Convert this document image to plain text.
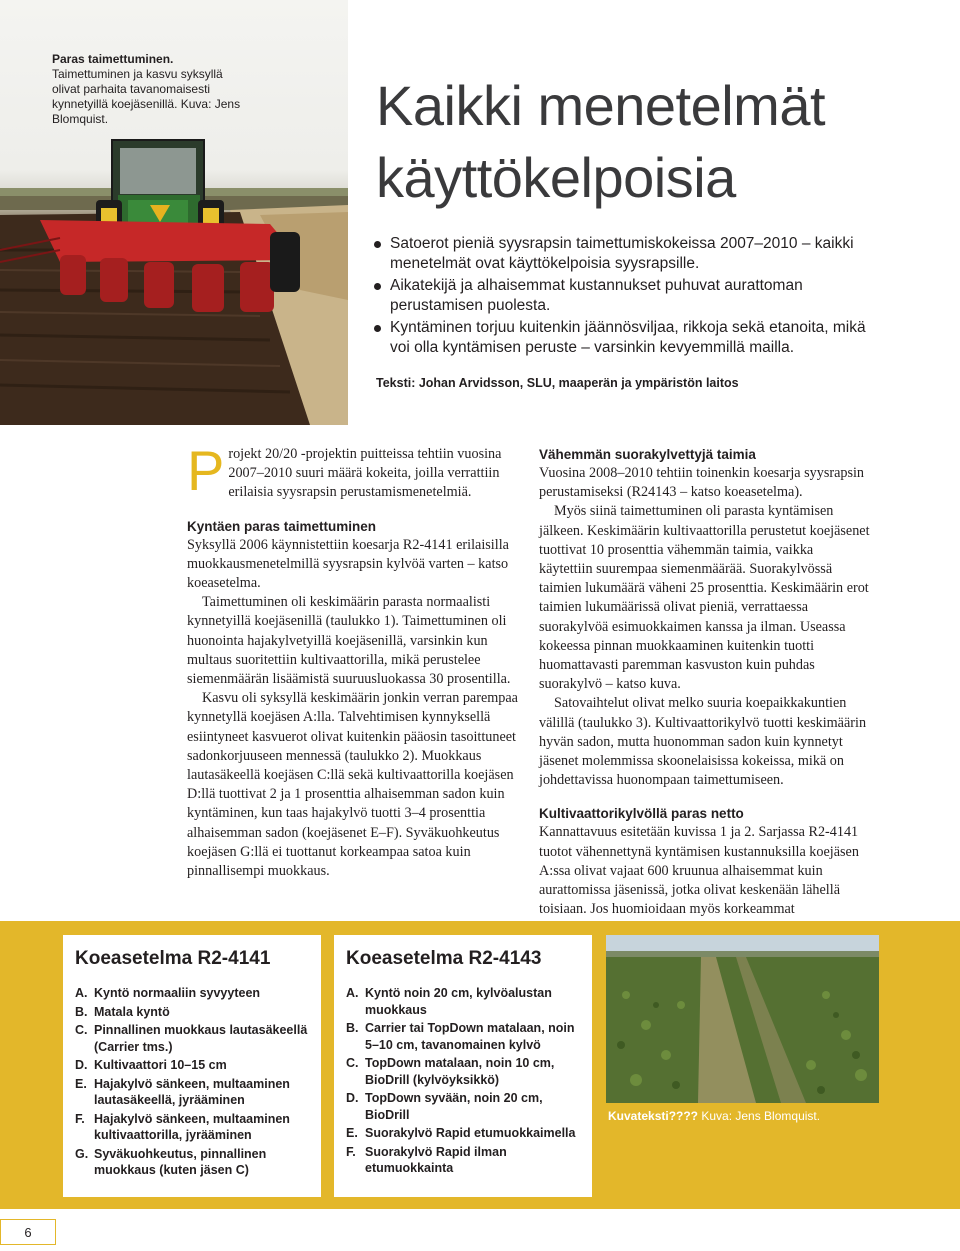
Paras taimettuminen.
Taimettuminen ja kasvu syksyllä olivat parhaita tavanomaisesti kynnetyillä koejäsenillä. Kuva: Jens Blomquist.	Kaikki menetelmät
käyttökelpoisia
Satoerot pieniä syysrapsin taimettumiskokeissa 2007–2010 – kaikki menetelmät ovat käyttökelpoisia syysrapsille.
Aikatekijä ja alhaisemmat kustannukset puhuvat aurattoman perustamisen puolesta.
Kyntäminen torjuu kuitenkin jäännösviljaa, rikkoja sekä etanoita, mikä voi olla kyntämisen peruste – varsinkin kevyemmillä mailla.
Teksti: Johan Arvidsson, SLU, maaperän ja ympäristön laitos

P rojekt 20/20 -projektin puitteissa tehtiin vuosina 2007–2010 suuri määrä kokeita, joilla verrattiin erilaisia syysrapsin perustamismenetelmiä.

Kyntäen paras taimettuminen

Syksyllä 2006 käynnistettiin koesarja R2-4141 erilaisilla muokkausmenetelmillä syysrapsin kylvöä varten – katso koeasetelma.

Taimettuminen oli keskimäärin parasta normaalisti kynnetyillä koejäsenillä (taulukko 1). Taimettuminen oli huonointa hajakylvetyillä koejäsenillä, varsinkin kun multaus suoritettiin kultivaattorilla, mikä perustelee siemenmäärän lisäämistä suuruusluokassa 30 prosentilla.

Kasvu oli syksyllä keskimäärin jonkin verran parempaa kynnetyllä koejäsen A:lla. Talvehtimisen kynnyksellä esiintyneet kasvuerot olivat kuitenkin pääosin tasoittuneet sadonkorjuuseen mennessä (taulukko 2). Muokkaus lautasäkeellä koejäsen C:llä sekä kultivaattorilla koejäsen D:llä tuottivat 2 ja 1 prosenttia alhaisemman sadon kuin kyntäminen, kun taas hajakylvö tuotti 3–4 prosenttia alhaisemman sadon (koejäsenet E–F). Syväkuohkeutus koejäsen G:llä ei tuottanut korkeampaa satoa kuin pinnallisempi muokkaus.

Vähemmän suorakylvettyjä taimia

Vuosina 2008–2010 tehtiin toinenkin koesarja syysrapsin perustamiseksi (R24143 – katso koeasetelma).

Myös siinä taimettuminen oli parasta kyntämisen jälkeen. Keskimäärin kultivaattorilla perustetut koejäsenet tuottivat 10 prosenttia vähemmän taimia, vaikka käytettiin suurempaa siemenmäärää. Suorakylvössä taimien lukumäärä väheni 25 prosenttia. Keskimäärin erot taimien lukumäärissä olivat pieniä, verrattaessa suorakylvöä esimuokkaimen kanssa ja ilman. Useassa kokeessa pinnan muokkaaminen kuitenkin tuotti huomattavasti paremman kasvuston kuin puhdas suorakylvö – katso kuva.

Satovaihtelut olivat melko suuria koepaikkakuntien välillä (taulukko 3). Kultivaattorikylvö tuotti keskimäärin hyvän sadon, mutta huonomman sadon kuin kynnetyt jäsenet molemmissa skoonelaisissa kokeissa, mikä on johdettavissa huonompaan taimettumiseen.

Kultivaattorikylvöllä paras netto

Kannattavuus esitetään kuvissa 1 ja 2. Sarjassa R2-4141 tuotot vähennettynä kyntämisen kustannuksilla koejäsen A:ssa olivat vajaat 600 kruunua alhaisemmat kuin aurattomissa jäsenissä, jotka olivat keskenään lähellä toisiaan. Jos huomioidaan myös korkeammat

Koeasetelma R2-4141
A. Kyntö normaaliin syvyyteen
B. Matala kyntö
C. Pinnallinen muokkaus lautasäkeellä (Carrier tms.)
D. Kultivaattori 10–15 cm
E. Hajakylvö sänkeen, multaaminen lautasäkeellä, jyrääminen
F. Hajakylvö sänkeen, multaaminen kultivaattorilla, jyrääminen
G. Syväkuohkeutus, pinnallinen muokkaus (kuten jäsen C)
Koeasetelma R2-4143
A. Kyntö noin 20 cm, kylvöalustan muokkaus
B. Carrier tai TopDown matalaan, noin 5–10 cm, tavanomainen kylvö
C. TopDown matalaan, noin 10 cm, BioDrill (kylvöyksikkö)
D. TopDown syvään, noin 20 cm, BioDrill
E. Suorakylvö Rapid etumuokkaimella
F. Suorakylvö Rapid ilman etumuokkainta
Kuvateksti???? Kuva: Jens Blomquist.
6
